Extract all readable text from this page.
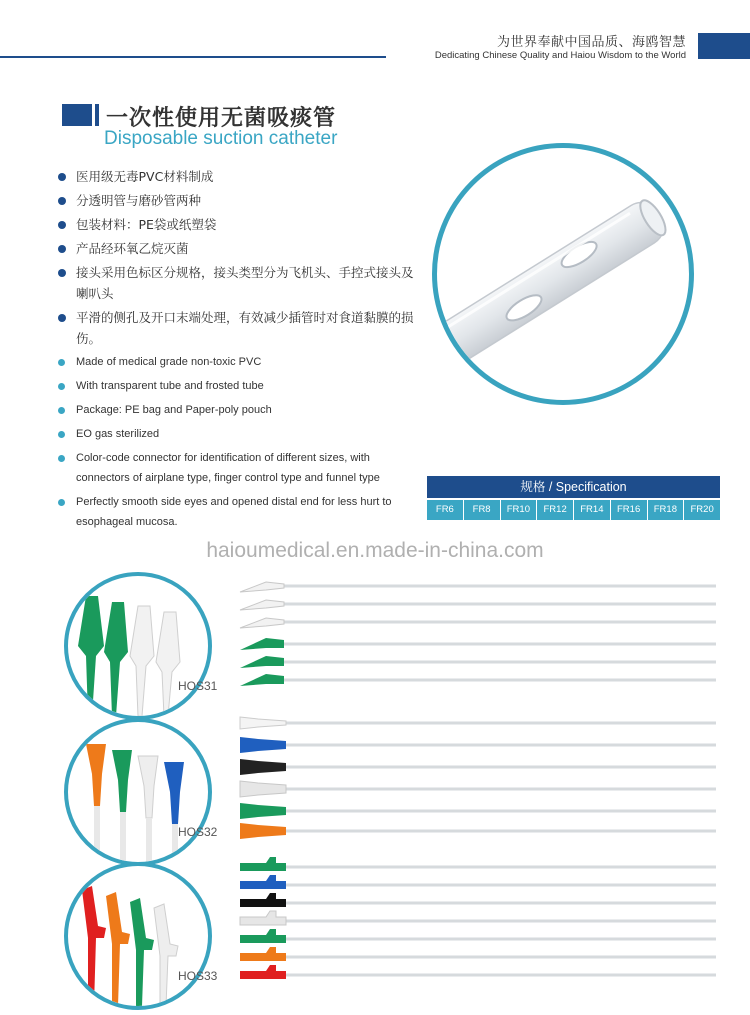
为世界奉献中国品质、海鸥智慧
Dedicating Chinese Quality and Haiou Wisdom to the World
一次性使用无菌吸痰管
Disposable suction catheter
医用级无毒PVC材料制成
分透明管与磨砂管两种
包装材料：PE袋或纸塑袋
产品经环氧乙烷灭菌
接头采用色标区分规格，接头类型分为飞机头、手控式接头及喇叭头
平滑的侧孔及开口末端处理，有效减少插管时对食道黏膜的损伤。
Made of medical grade non-toxic PVC
With transparent tube and frosted tube
Package: PE bag and Paper-poly pouch
EO gas sterilized
Color-code connector for identification of different sizes, with connectors of airplane type, finger control type and funnel type
Perfectly smooth side eyes and opened distal end for less hurt to esophageal mucosa.
规格 / Specification
FR6	FR8	FR10	FR12	FR14	FR16	FR18	FR20
haioumedical.en.made-in-china.com
HOS31
HOS32
HOS33
